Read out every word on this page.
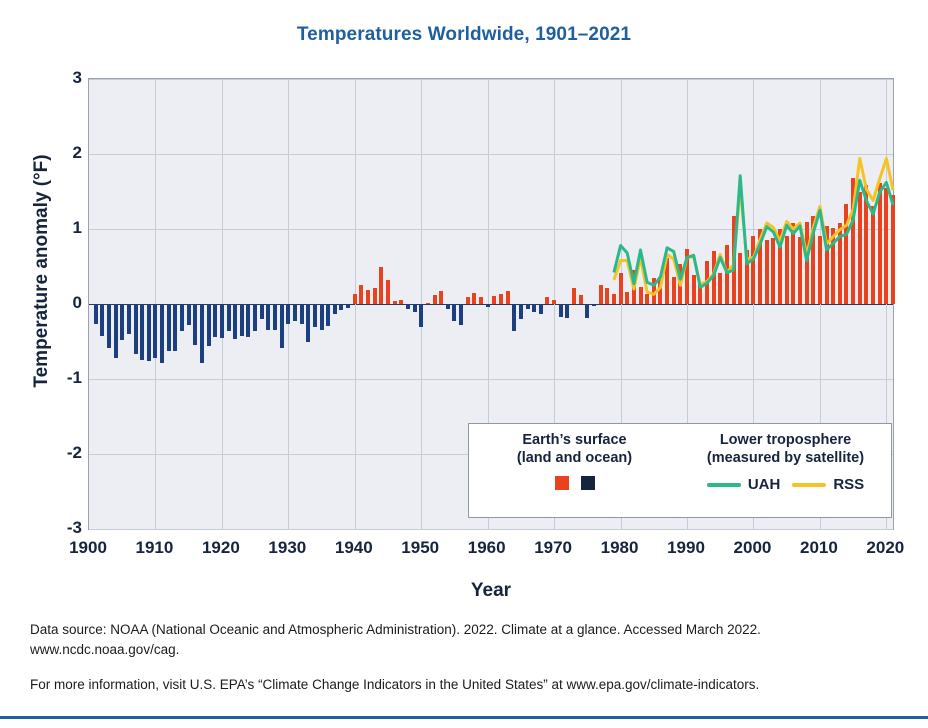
Temperatures Worldwide, 1901–2021
Temperature anomaly (°F)
3
2
1
0
-1
-2
-3
1900	1910	1920	1930	1940	1950	1960	1970	1980	1990	2000	2010	2020
Year
Earth’s surface
(land and ocean)
Lower troposphere
(measured by satellite)
UAH	RSS
Data source: NOAA (National Oceanic and Atmospheric Administration). 2022. Climate at a glance. Accessed March 2022.
www.ncdc.noaa.gov/cag.
For more information, visit U.S. EPA’s “Climate Change Indicators in the United States” at www.epa.gov/climate-indicators.
